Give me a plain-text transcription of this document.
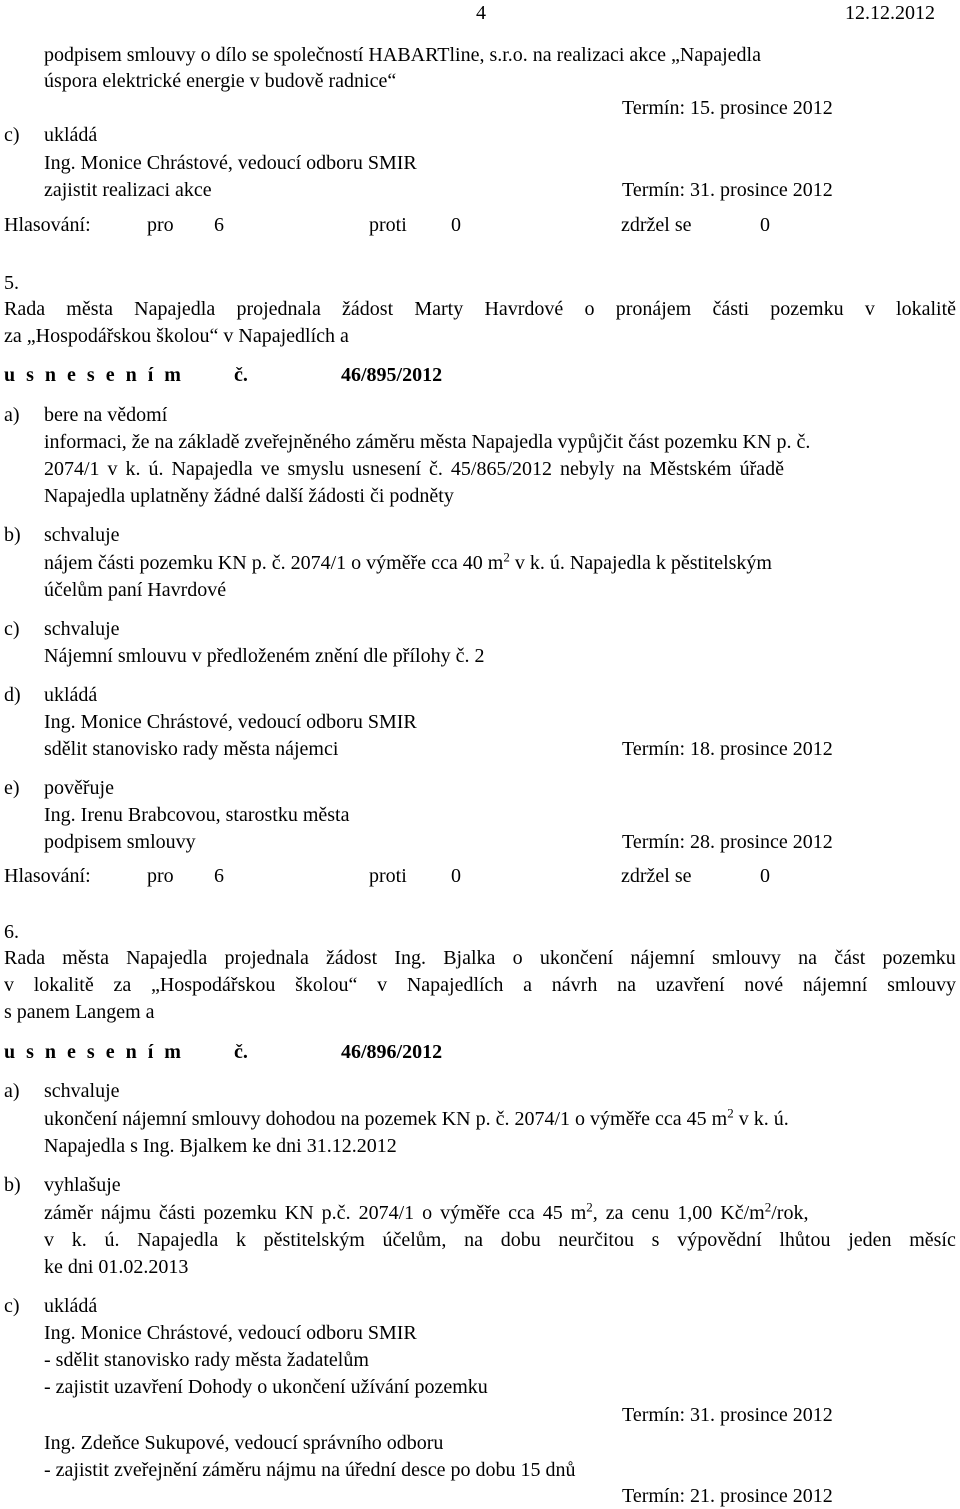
4	12.12.2012
podpisem smlouvy o dílo se společností HABARTline, s.r.o. na realizaci akce „Napajedla
úspora elektrické energie v budově radnice“
Termín: 15. prosince 2012
c) ukládá
Ing. Monice Chrástové, vedoucí odboru SMIR
zajistit realizaci akce	Termín: 31. prosince 2012
Hlasování:	pro 6	proti 0	zdržel se	0
5.
Rada města Napajedla projednala žádost Marty Havrdové o pronájem části pozemku v lokalitě
za „Hospodářskou školou“ v Napajedlích a
u s n e s e n í m	č.	46/895/2012
a) bere na vědomí
informaci, že na základě zveřejněného záměru města Napajedla vypůjčit část pozemku KN p. č.
2074/1 v k. ú. Napajedla ve smyslu usnesení č. 45/865/2012 nebyly na Městském úřadě
Napajedla uplatněny žádné další žádosti či podněty
b) schvaluje
nájem části pozemku KN p. č. 2074/1 o výměře cca 40 $m^2$ v k. ú. Napajedla k pěstitelským
účelům paní Havrdové
c) schvaluje
Nájemní smlouvu v předloženém znění dle přílohy č. 2
d) ukládá
Ing. Monice Chrástové, vedoucí odboru SMIR
sdělit stanovisko rady města nájemci	Termín: 18. prosince 2012
e) pověřuje
Ing. Irenu Brabcovou, starostku města
podpisem smlouvy	Termín: 28. prosince 2012
Hlasování:	pro 6	proti 0	zdržel se	0
6.
Rada města Napajedla projednala žádost Ing. Bjalka o ukončení nájemní smlouvy na část pozemku
v lokalitě za „Hospodářskou školou“ v Napajedlích a návrh na uzavření nové nájemní smlouvy
s panem Langem a
u s n e s e n í m	č.	46/896/2012
a) schvaluje
ukončení nájemní smlouvy dohodou na pozemek KN p. č. 2074/1 o výměře cca 45 $m^2$ v k. ú.
Napajedla s Ing. Bjalkem ke dni 31.12.2012
b) vyhlašuje
záměr nájmu části pozemku KN p.č. 2074/1 o výměře cca 45 $m^2$, za cenu 1,00 $Kč/m^2$/rok,
v k. ú. Napajedla k pěstitelským účelům, na dobu neurčitou s výpovědní lhůtou jeden měsíc
ke dni 01.02.2013
c) ukládá
Ing. Monice Chrástové, vedoucí odboru SMIR
- sdělit stanovisko rady města žadatelům
- zajistit uzavření Dohody o ukončení užívání pozemku
Termín: 31. prosince 2012
Ing. Zdeňce Sukupové, vedoucí správního odboru
- zajistit zveřejnění záměru nájmu na úřední desce po dobu 15 dnů
Termín: 21. prosince 2012
